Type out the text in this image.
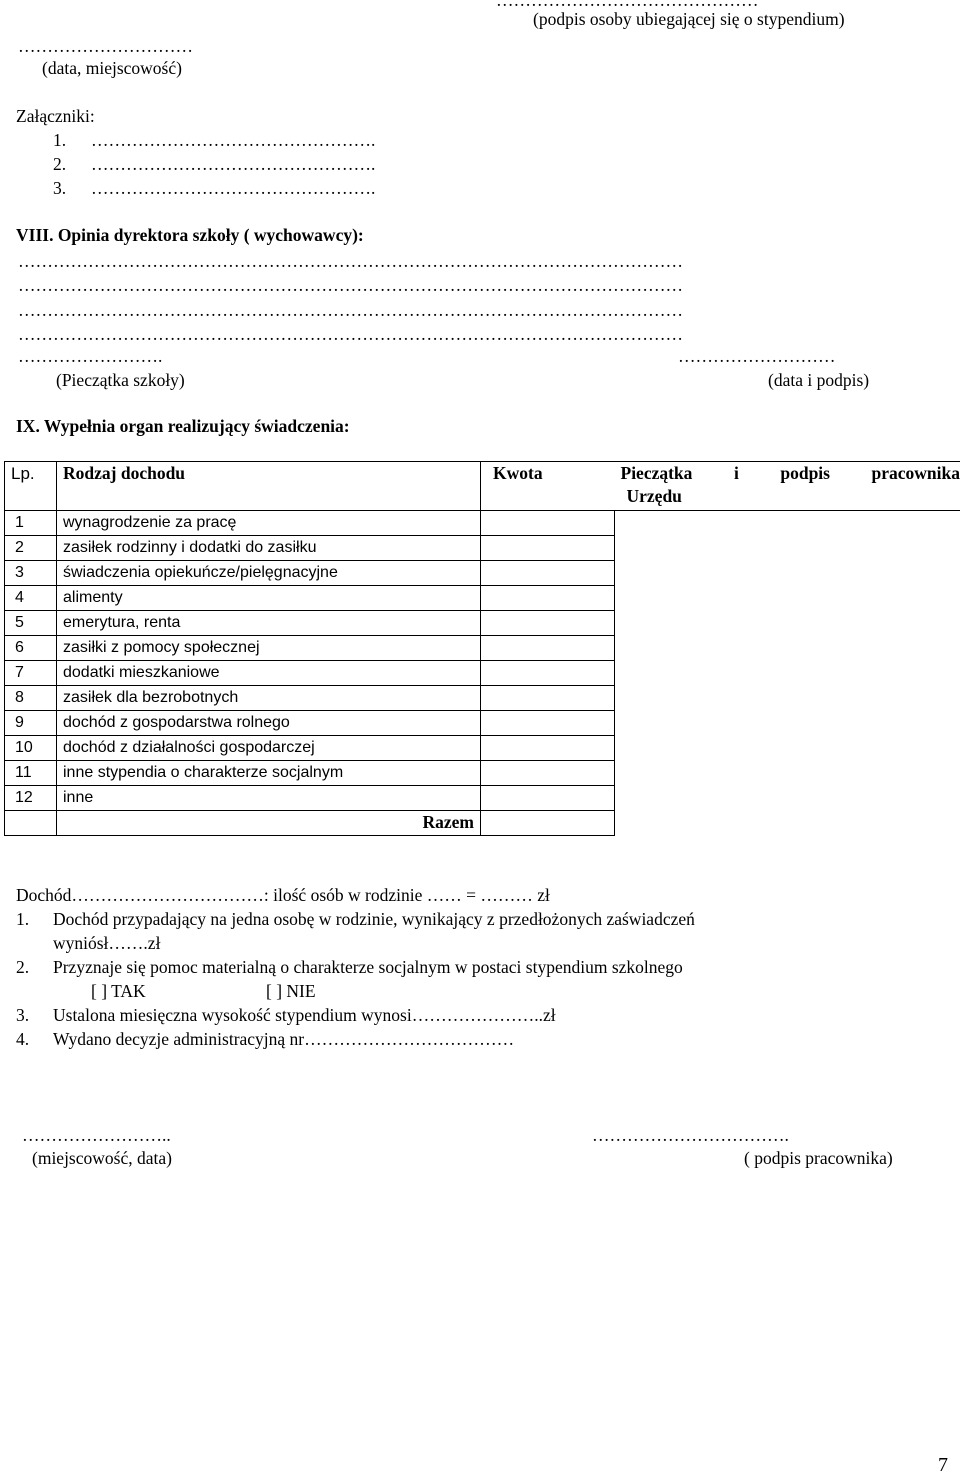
………………………………………
(podpis osoby ubiegającej się o stypendium)
…………………………
(data, miejscowość)
Załączniki:
1. ………………………………………….
2. ………………………………………….
3. ………………………………………….
VIII. Opinia dyrektora szkoły ( wychowawcy):
……………………………………………………………………………………………………
……………………………………………………………………………………………………
……………………………………………………………………………………………………
……………………………………………………………………………………………………
…………………….	………………………
(Pieczątka szkoły)	(data i podpis)
IX. Wypełnia organ realizujący świadczenia:
Lp.	Rodzaj dochodu	Kwota	Pieczątka i podpis pracownika
Urzędu

1	wynagrodzenie za pracę		
2	zasiłek rodzinny i dodatki do zasiłku		
3	świadczenia opiekuńcze/pielęgnacyjne		
4	alimenty		
5	emerytura, renta		
6	zasiłki z pomocy społecznej		
7	dodatki mieszkaniowe		
8	zasiłek dla bezrobotnych		
9	dochód z gospodarstwa rolnego		
10	dochód z działalności gospodarczej		
11	inne stypendia o charakterze socjalnym		
12	inne		
	Razem		
Dochód……………………………: ilość osób w rodzinie …… = ……… zł
1. Dochód przypadający na jedna osobę w rodzinie, wynikający z przedłożonych zaświadczeń
wyniósł…….zł
2. Przyznaje się pomoc materialną o charakterze socjalnym w postaci stypendium szkolnego
[ ] TAK	[ ] NIE
3. Ustalona miesięczna wysokość stypendium wynosi…………………..zł
4. Wydano decyzje administracyjną nr………………………………
……………………..
(miejscowość, data)
…………………………….
( podpis pracownika)
7
